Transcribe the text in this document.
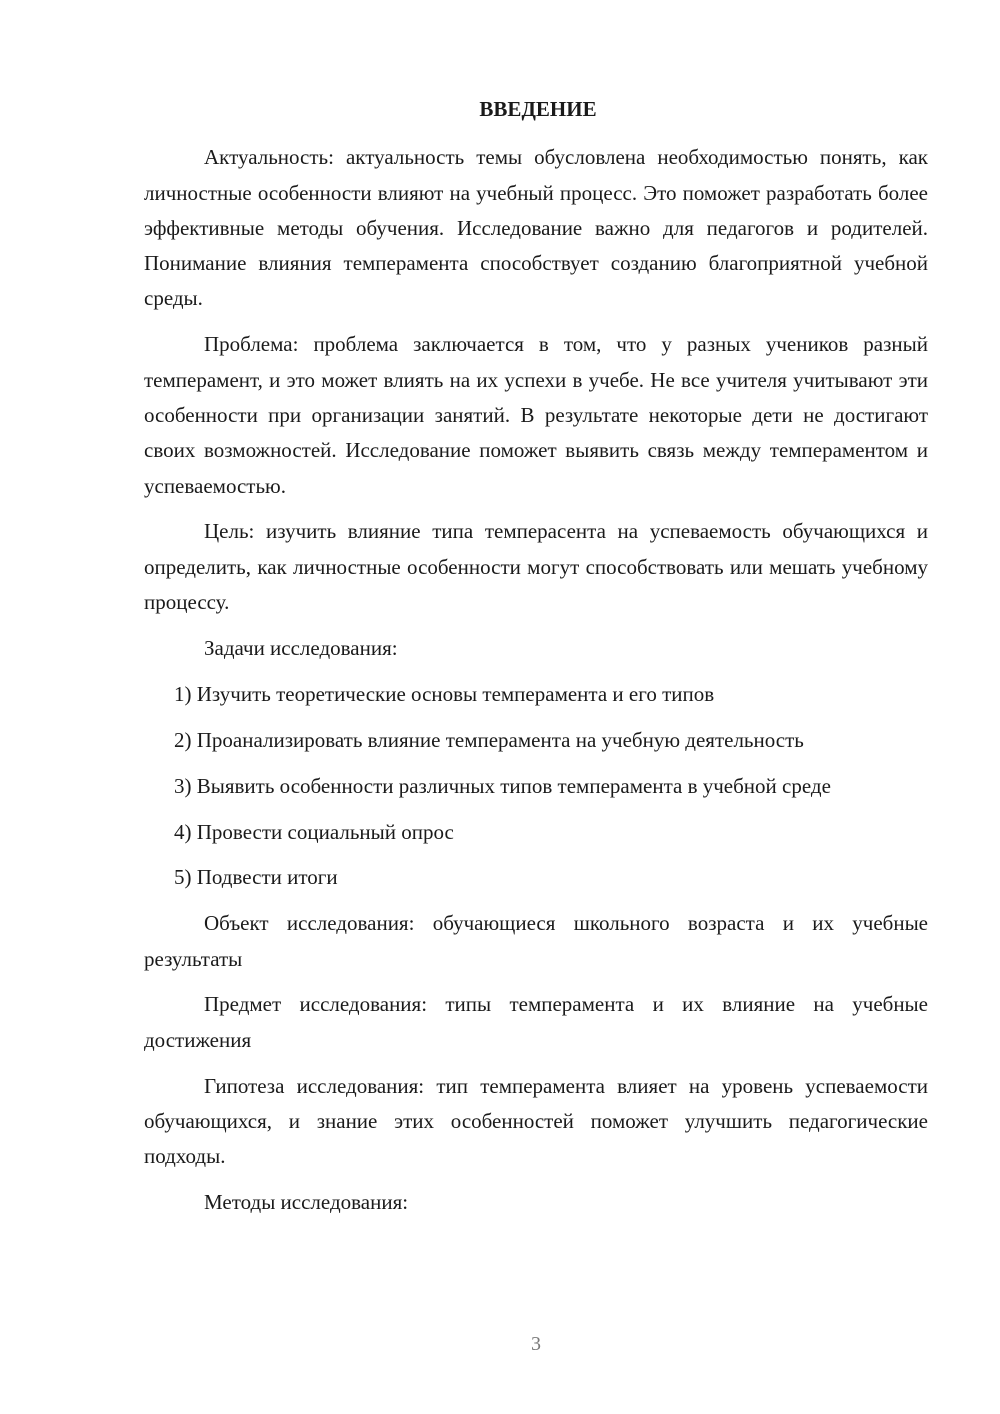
ВВЕДЕНИЕ

Актуальность: актуальность темы обусловлена необходимостью понять, как личностные особенности влияют на учебный процесс. Это поможет разработать более эффективные методы обучения. Исследование важно для педагогов и родителей. Понимание влияния темперамента способствует созданию благоприятной учебной среды.

Проблема: проблема заключается в том, что у разных учеников разный темперамент, и это может влиять на их успехи в учебе. Не все учителя учитывают эти особенности при организации занятий. В результате некоторые дети не достигают своих возможностей. Исследование поможет выявить связь между темпераментом и успеваемостью.

Цель: изучить влияние типа темперасента на успеваемость обучающихся и определить, как личностные особенности могут способствовать или мешать учебному процессу.

Задачи исследования:

1) Изучить теоретические основы темперамента и его типов

2) Проанализировать влияние темперамента на учебную деятельность

3) Выявить особенности различных типов темперамента в учебной среде

4) Провести социальный опрос

5) Подвести итоги

Объект исследования: обучающиеся школьного возраста и их учебные результаты

Предмет исследования: типы темперамента и их влияние на учебные достижения

Гипотеза исследования: тип темперамента влияет на уровень успеваемости обучающихся, и знание этих особенностей поможет улучшить педагогические подходы.

Методы исследования:

3
